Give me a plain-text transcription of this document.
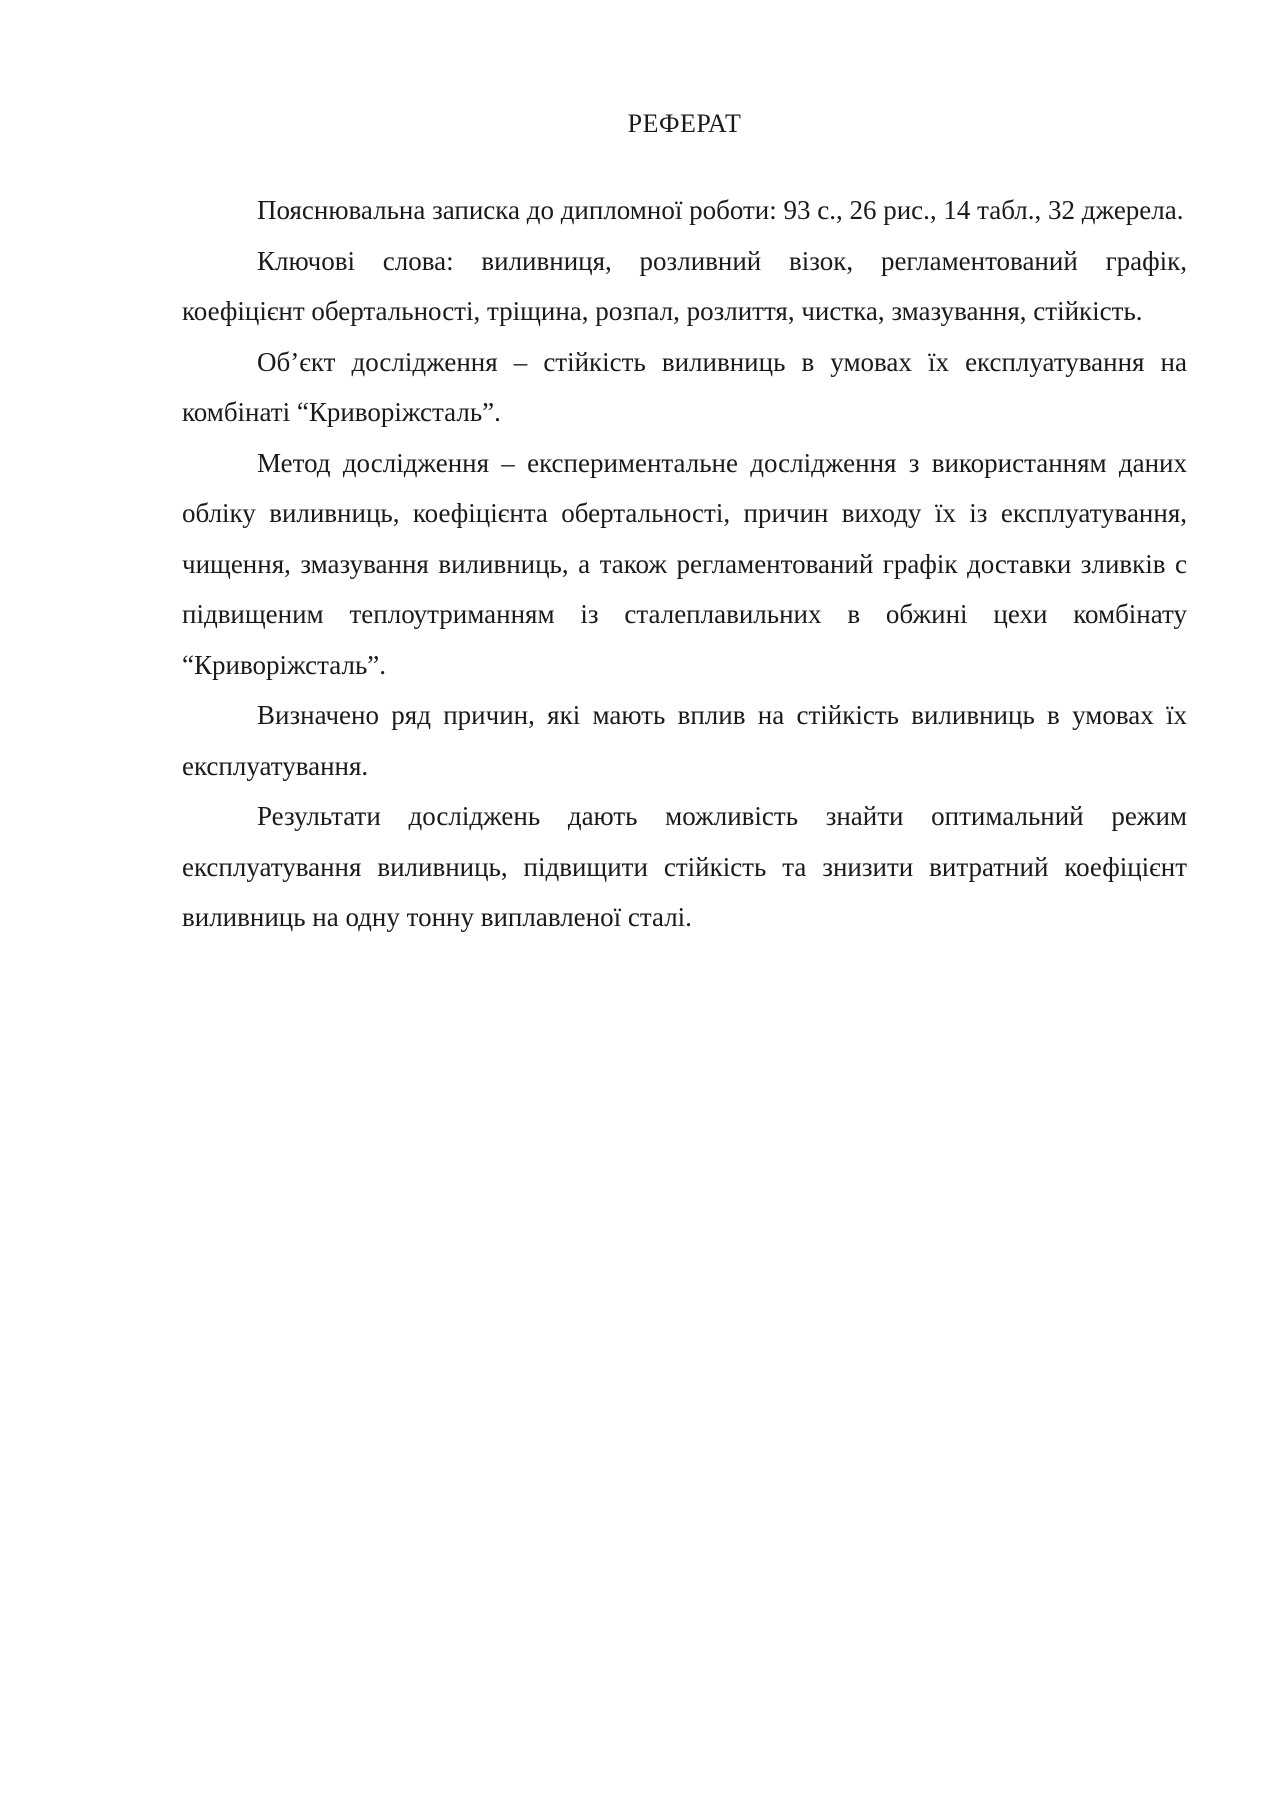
РЕФЕРАТ

Пояснювальна записка до дипломної роботи: 93 с., 26 рис., 14 табл., 32 джерела.

Ключові слова: виливниця, розливний візок, регламентований графік, коефіцієнт обертальності, тріщина, розпал, розлиття, чистка, змазування, стійкість.

Об’єкт дослідження – стійкість виливниць в умовах їх експлуатування на комбінаті “Криворіжсталь”.

Метод дослідження – експериментальне дослідження з використанням даних обліку виливниць, коефіцієнта обертальності, причин виходу їх із експлуатування, чищення, змазування виливниць, а також регламентований графік доставки зливків с підвищеним теплоутриманням із сталеплавильних в обжині цехи комбінату “Криворіжсталь”.

Визначено ряд причин, які мають вплив на стійкість виливниць в умовах їх експлуатування.

Результати досліджень дають можливість знайти оптимальний режим експлуатування виливниць, підвищити стійкість та знизити витратний коефіцієнт виливниць на одну тонну виплавленої сталі.
